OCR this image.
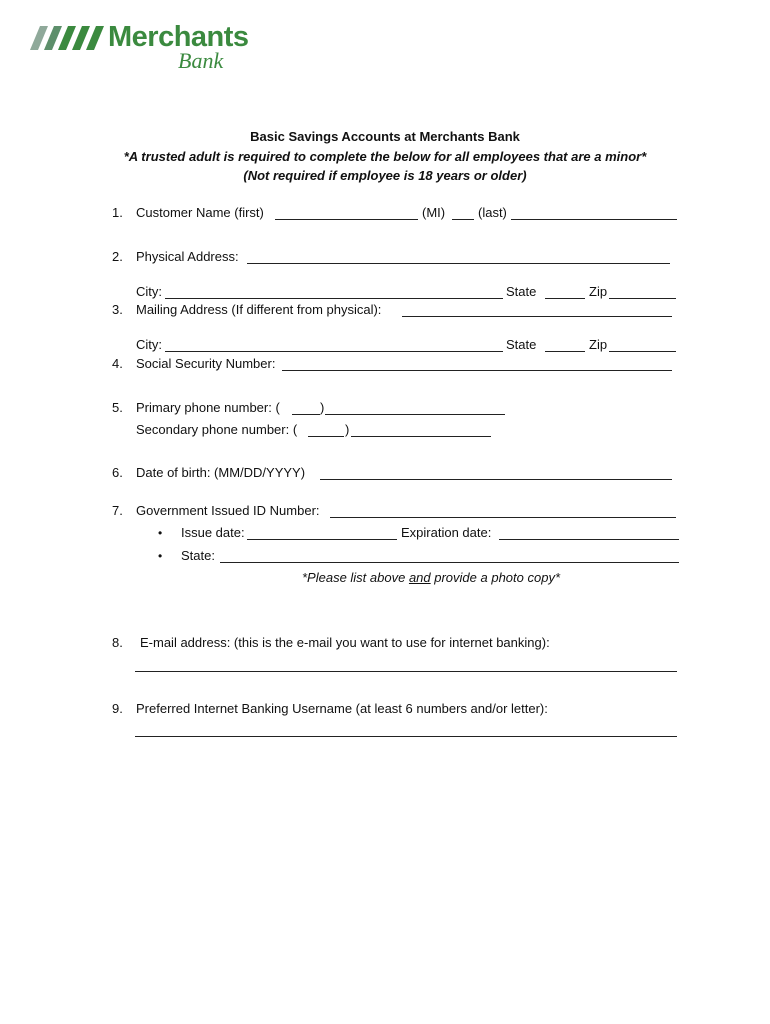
Merchants
Bank
Basic Savings Accounts at Merchants Bank
*A trusted adult is required to complete the below for all employees that are a minor*
(Not required if employee is 18 years or older)
1. Customer Name (first)	(MI)	(last)
2. Physical Address:
City:	State	Zip
3. Mailing Address (If different from physical):
City:	State	Zip
4. Social Security Number:
5. Primary phone number: (	)
Secondary phone number: (	)
6. Date of birth: (MM/DD/YYYY)
7. Government Issued ID Number:
• Issue date:	Expiration date:
• State:
*Please list above and provide a photo copy*
8. E-mail address: (this is the e-mail you want to use for internet banking):
9. Preferred Internet Banking Username (at least 6 numbers and/or letter):
